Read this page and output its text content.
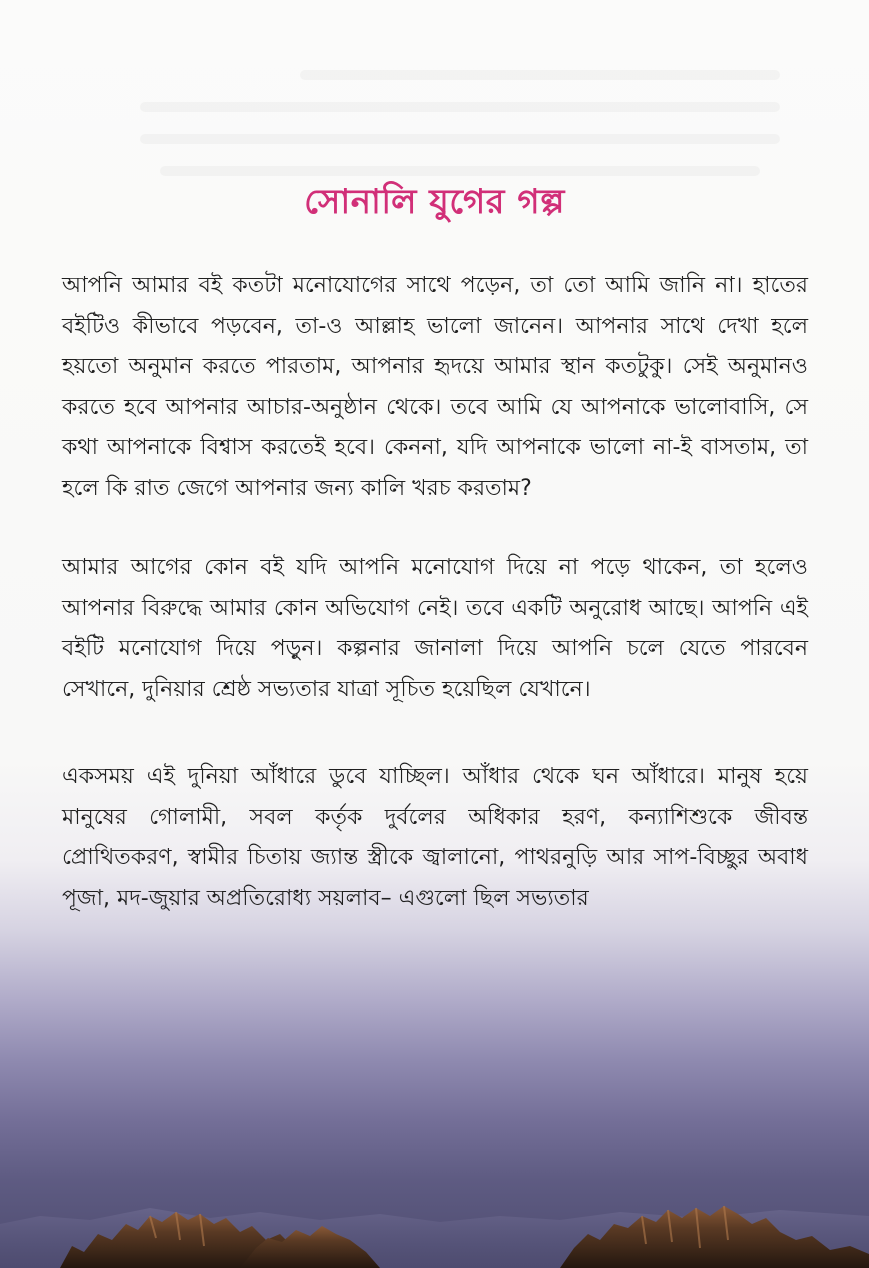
সোনালি যুগের গল্প

আপনি আমার বই কতটা মনোযোগের সাথে পড়েন, তা তো আমি জানি না। হাতের বইটিও কীভাবে পড়বেন, তা-ও আল্লাহ ভালো জানেন। আপনার সাথে দেখা হলে হয়তো অনুমান করতে পারতাম, আপনার হৃদয়ে আমার স্থান কতটুকু। সেই অনুমানও করতে হবে আপনার আচার-অনুষ্ঠান থেকে। তবে আমি যে আপনাকে ভালোবাসি, সে কথা আপনাকে বিশ্বাস করতেই হবে। কেননা, যদি আপনাকে ভালো না-ই বাসতাম, তা হলে কি রাত জেগে আপনার জন্য কালি খরচ করতাম?

আমার আগের কোন বই যদি আপনি মনোযোগ দিয়ে না পড়ে থাকেন, তা হলেও আপনার বিরুদ্ধে আমার কোন অভিযোগ নেই। তবে একটি অনুরোধ আছে। আপনি এই বইটি মনোযোগ দিয়ে পড়ুন। কল্পনার জানালা দিয়ে আপনি চলে যেতে পারবেন সেখানে, দুনিয়ার শ্রেষ্ঠ সভ্যতার যাত্রা সূচিত হয়েছিল যেখানে।

একসময় এই দুনিয়া আঁধারে ডুবে যাচ্ছিল। আঁধার থেকে ঘন আঁধারে। মানুষ হয়ে মানুষের গোলামী, সবল কর্তৃক দুর্বলের অধিকার হরণ, কন্যাশিশুকে জীবন্ত প্রোথিতকরণ, স্বামীর চিতায় জ্যান্ত স্ত্রীকে জ্বালানো, পাথরনুড়ি আর সাপ-বিচ্ছুর অবাধ পূজা, মদ-জুয়ার অপ্রতিরোধ্য সয়লাব– এগুলো ছিল সভ্যতার
